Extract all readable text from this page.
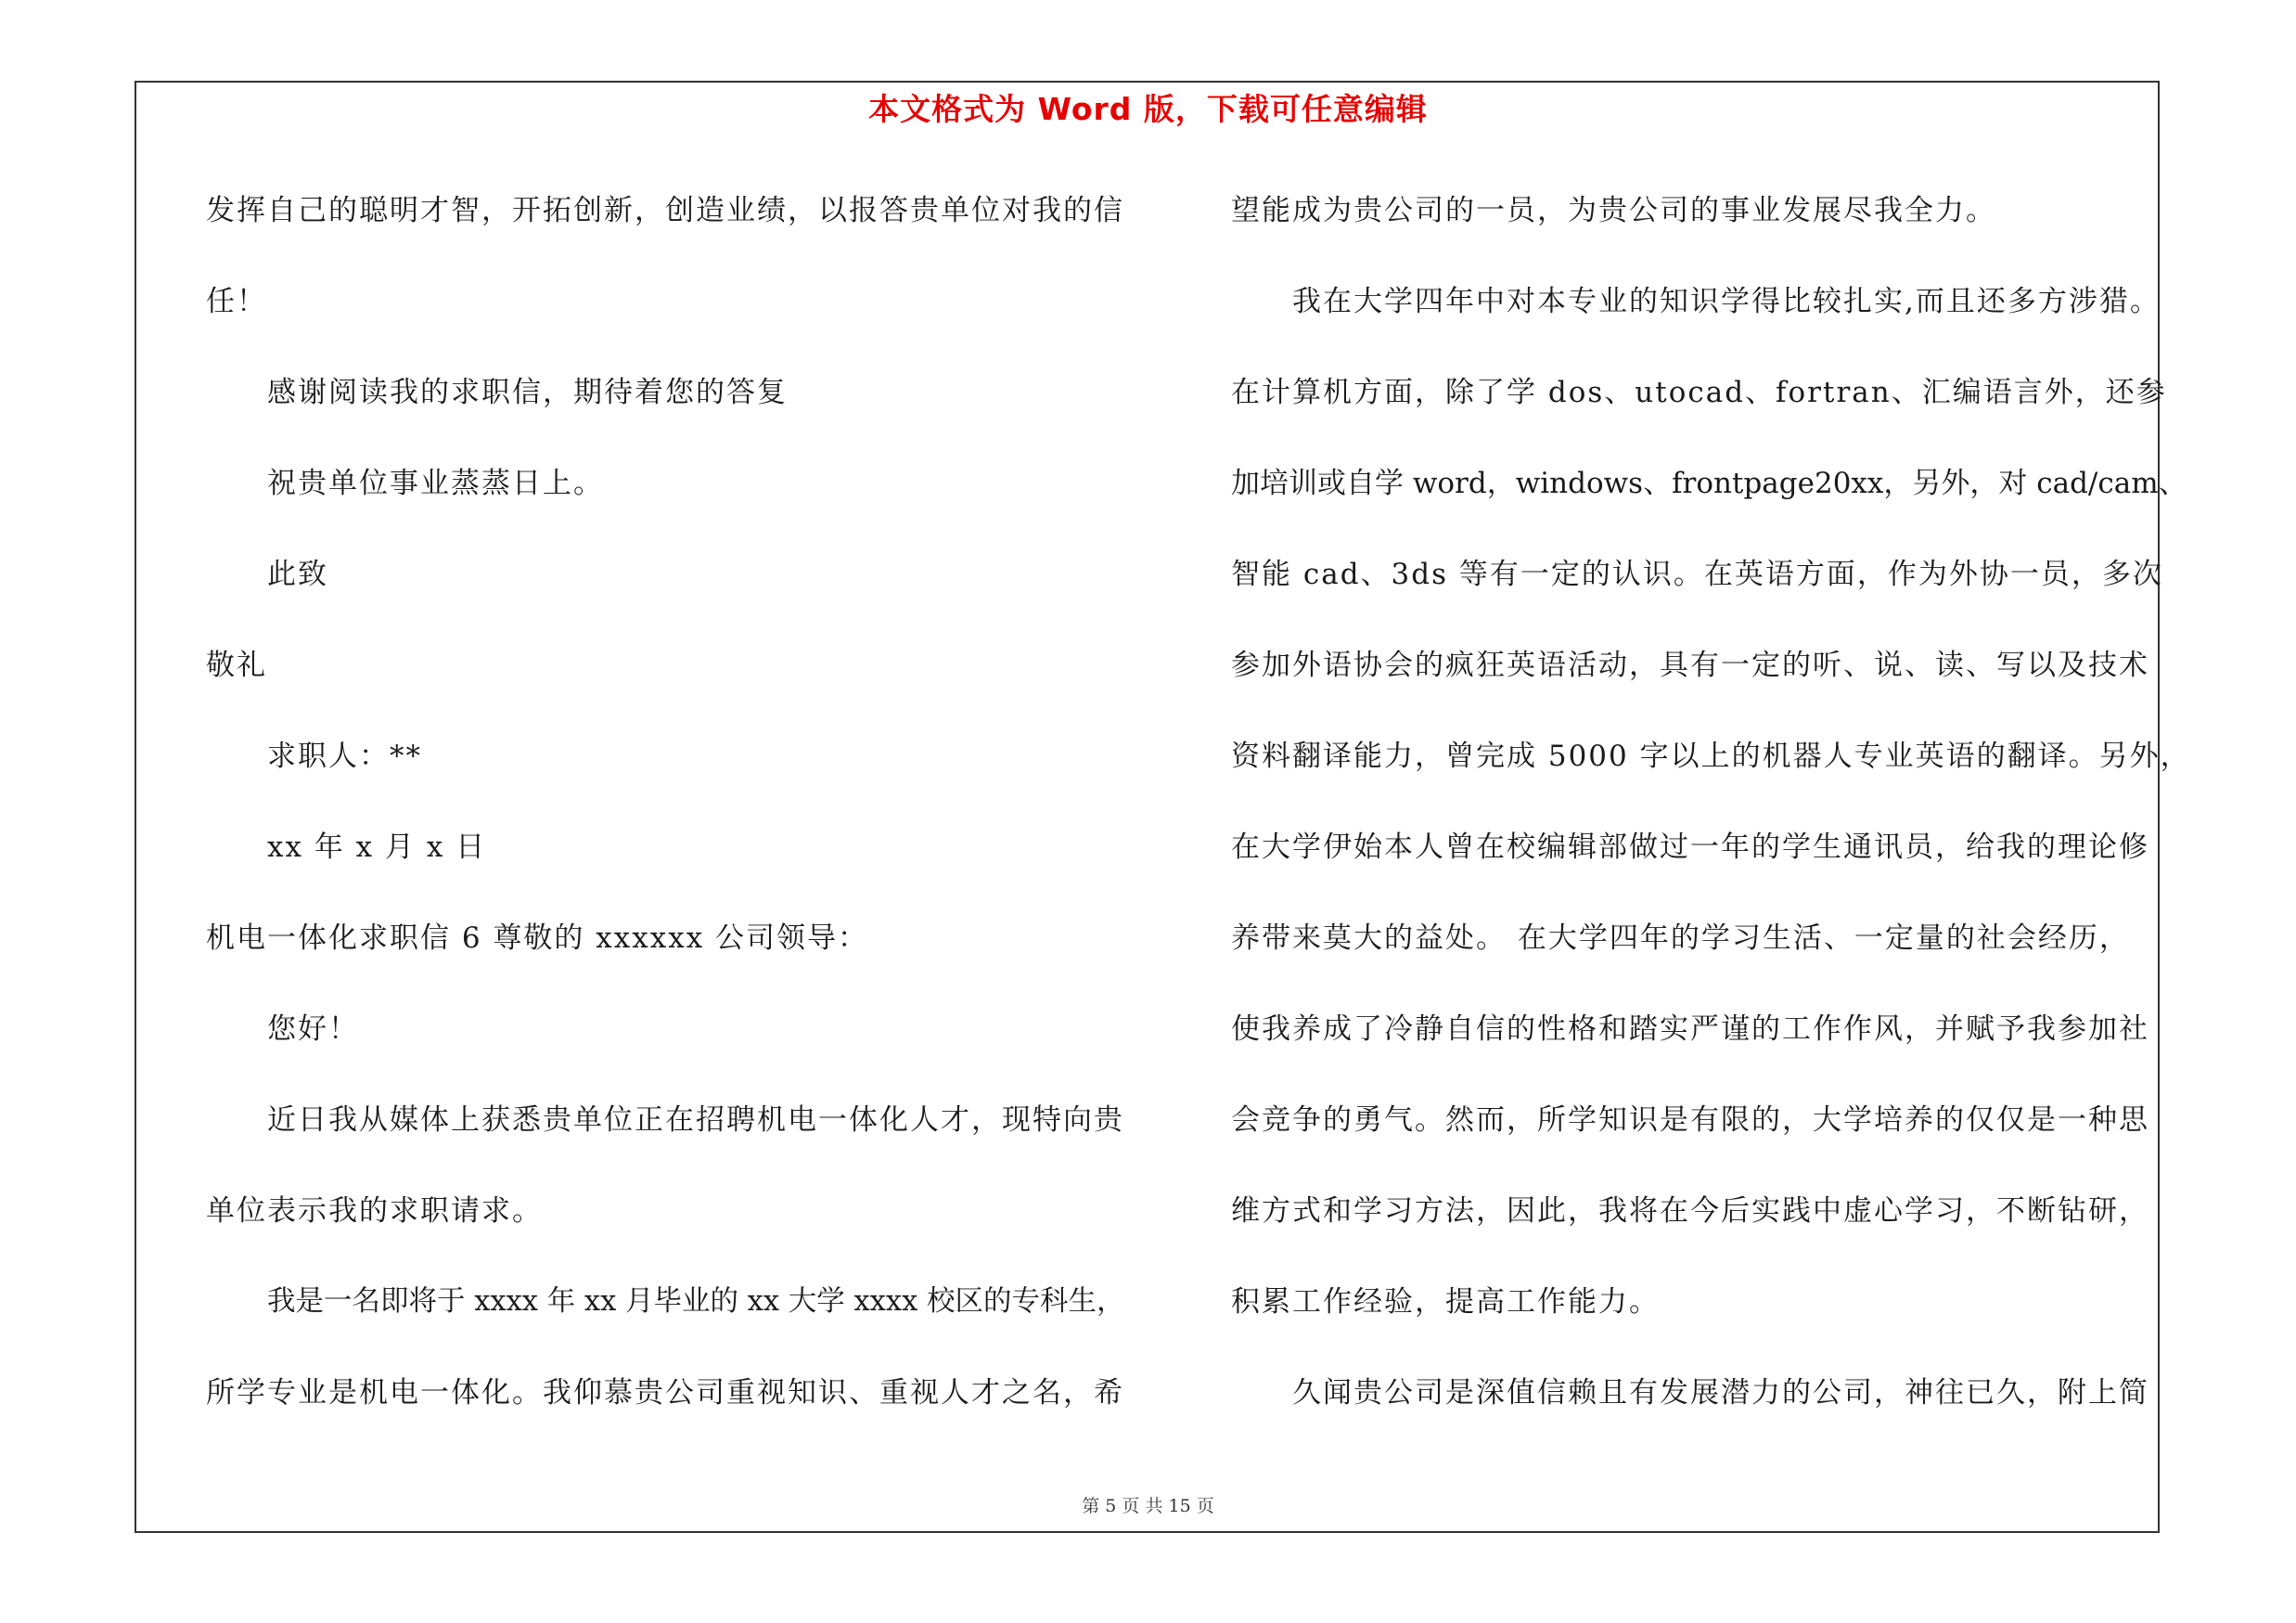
本文格式为 Word 版，下载可任意编辑
发挥自己的聪明才智，开拓创新，创造业绩，以报答贵单位对我的信
任！
感谢阅读我的求职信，期待着您的答复
祝贵单位事业蒸蒸日上。
此致
敬礼
求职人：**
xx 年 x 月 x 日
机电一体化求职信 6 尊敬的 xxxxxx 公司领导：
您好！
近日我从媒体上获悉贵单位正在招聘机电一体化人才，现特向贵
单位表示我的求职请求。
我是一名即将于 xxxx 年 xx 月毕业的 xx 大学 xxxx 校区的专科生，
所学专业是机电一体化。我仰慕贵公司重视知识、重视人才之名，希
望能成为贵公司的一员，为贵公司的事业发展尽我全力。
我在大学四年中对本专业的知识学得比较扎实,而且还多方涉猎。
在计算机方面，除了学 dos、utocad、fortran、汇编语言外，还参
加培训或自学 word，windows、frontpage20xx，另外，对 cad/cam、
智能 cad、3ds 等有一定的认识。在英语方面，作为外协一员，多次
参加外语协会的疯狂英语活动，具有一定的听、说、读、写以及技术
资料翻译能力，曾完成 5000 字以上的机器人专业英语的翻译。另外，
在大学伊始本人曾在校编辑部做过一年的学生通讯员，给我的理论修
养带来莫大的益处。 在大学四年的学习生活、一定量的社会经历，
使我养成了冷静自信的性格和踏实严谨的工作作风，并赋予我参加社
会竞争的勇气。然而，所学知识是有限的，大学培养的仅仅是一种思
维方式和学习方法，因此，我将在今后实践中虚心学习，不断钻研，
积累工作经验，提高工作能力。
久闻贵公司是深值信赖且有发展潜力的公司，神往已久，附上简
第 5 页 共 15 页
